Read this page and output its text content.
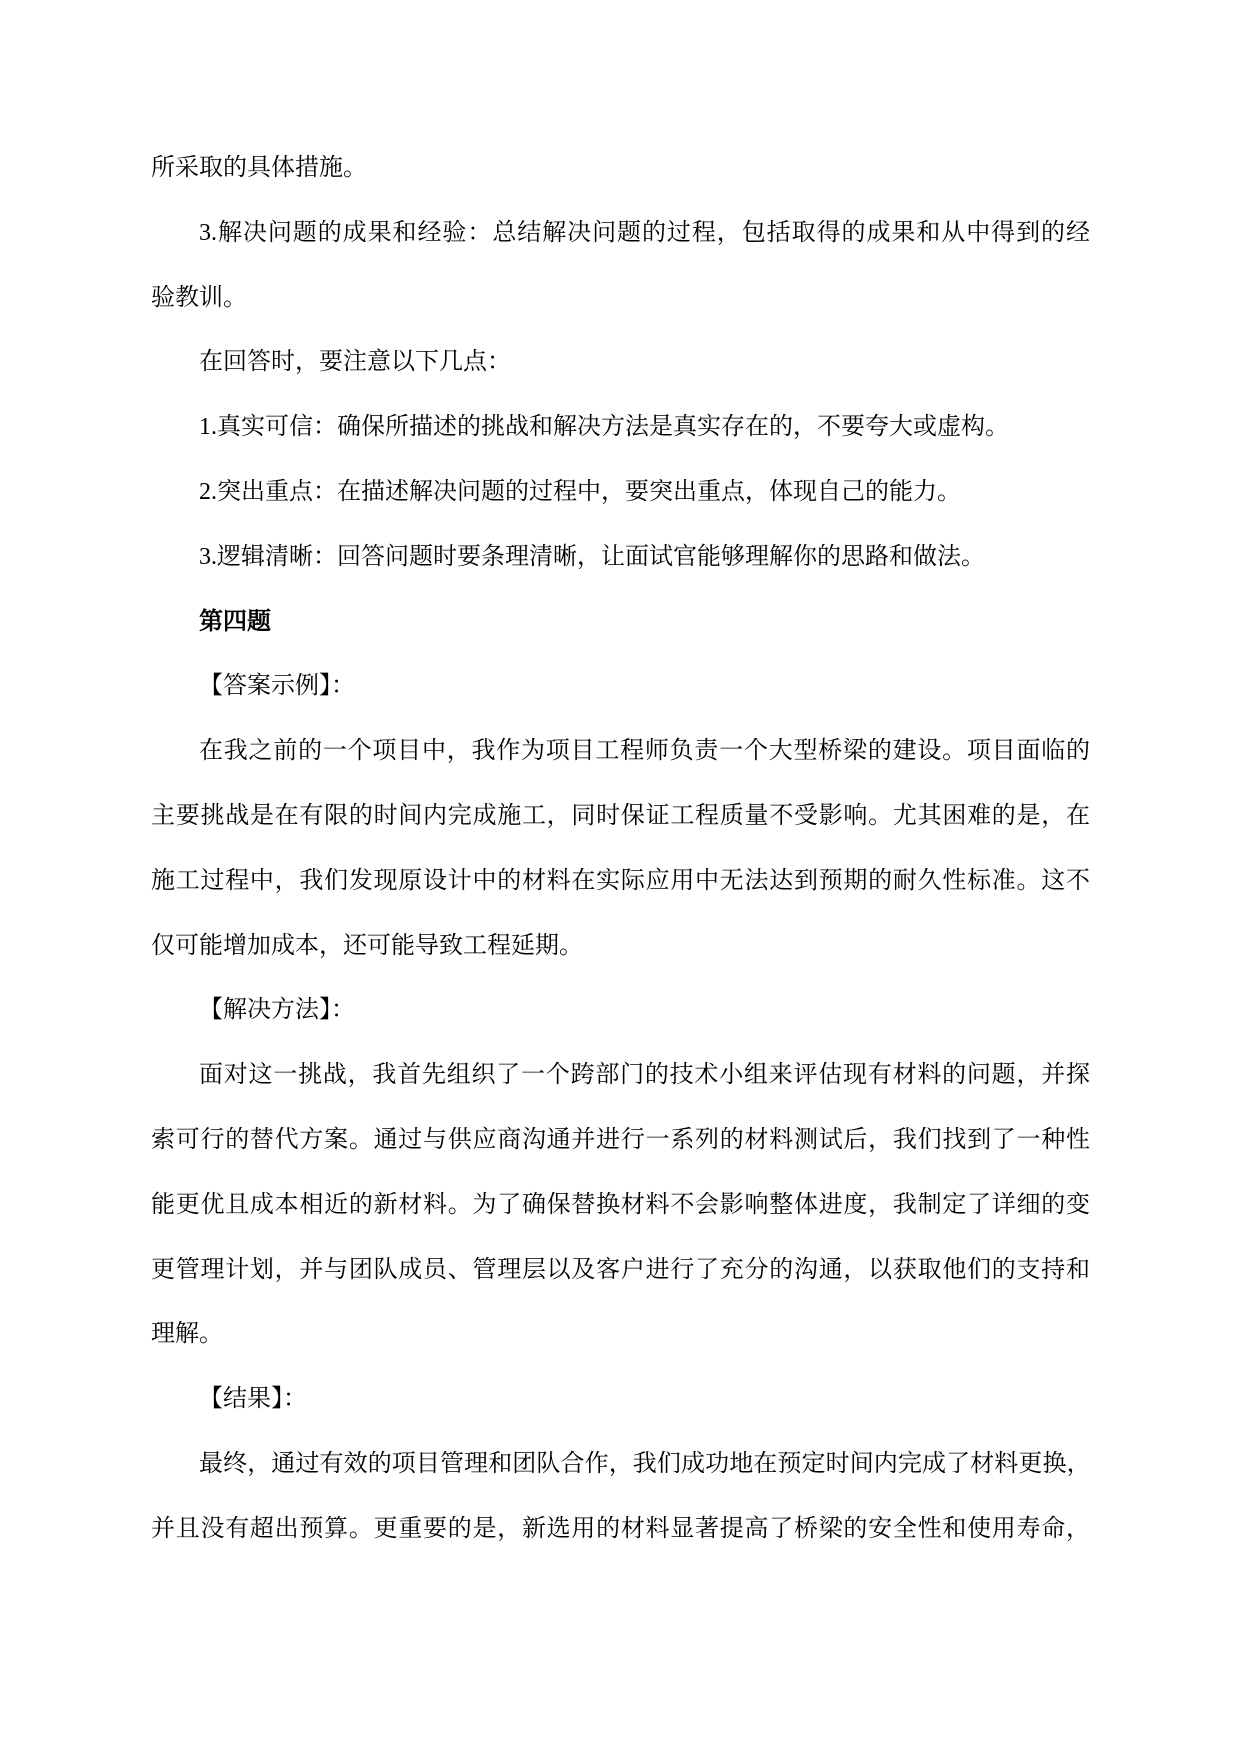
所采取的具体措施。
3.解决问题的成果和经验：总结解决问题的过程，包括取得的成果和从中得到的经
验教训。
在回答时，要注意以下几点：
1.真实可信：确保所描述的挑战和解决方法是真实存在的，不要夸大或虚构。
2.突出重点：在描述解决问题的过程中，要突出重点，体现自己的能力。
3.逻辑清晰：回答问题时要条理清晰，让面试官能够理解你的思路和做法。
第四题
【答案示例】：
在我之前的一个项目中，我作为项目工程师负责一个大型桥梁的建设。项目面临的
主要挑战是在有限的时间内完成施工，同时保证工程质量不受影响。尤其困难的是，在
施工过程中，我们发现原设计中的材料在实际应用中无法达到预期的耐久性标准。这不
仅可能增加成本，还可能导致工程延期。
【解决方法】：
面对这一挑战，我首先组织了一个跨部门的技术小组来评估现有材料的问题，并探
索可行的替代方案。通过与供应商沟通并进行一系列的材料测试后，我们找到了一种性
能更优且成本相近的新材料。为了确保替换材料不会影响整体进度，我制定了详细的变
更管理计划，并与团队成员、管理层以及客户进行了充分的沟通，以获取他们的支持和
理解。
【结果】：
最终，通过有效的项目管理和团队合作，我们成功地在预定时间内完成了材料更换，
并且没有超出预算。更重要的是，新选用的材料显著提高了桥梁的安全性和使用寿命，
